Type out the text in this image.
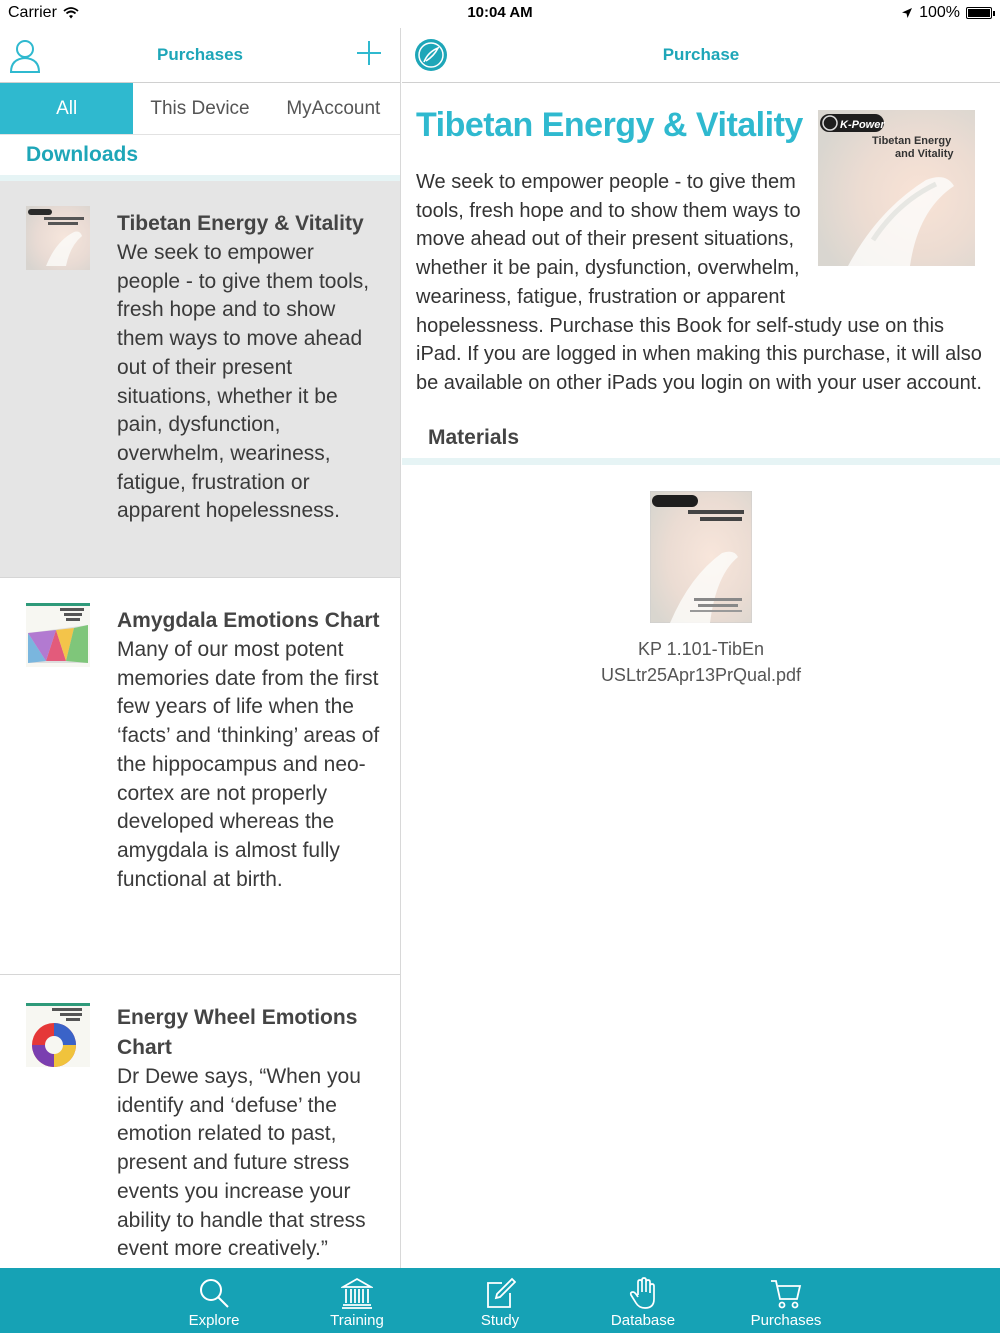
Carrier	10:04 AM	100%
Purchases
All	This Device	MyAccount
Downloads
Tibetan Energy & Vitality
We seek to empower people - to give them tools, fresh hope and to show them ways to move ahead out of their present situations, whether it be pain, dysfunction, overwhelm, weariness, fatigue, frustration or apparent hopelessness.
Amygdala Emotions Chart
Many of our most potent memories date from the first few years of life when the ‘facts’ and ‘thinking’ areas of the hippocampus and neo-cortex are not properly developed whereas the amygdala is almost fully functional at birth.
Energy Wheel Emotions Chart
Dr Dewe says, “When you identify and ‘defuse’ the emotion related to past, present and future stress events you increase your ability to handle that stress event more creatively.”
Purchase
Tibetan Energy & Vitality	K-Power
Tibetan Energy
and Vitality
We seek to empower people - to give them tools, fresh hope and to show them ways to move ahead out of their present situations, whether it be pain, dysfunction, overwhelm, weariness, fatigue, frustration or apparent hopelessness. Purchase this Book for self-study use on this iPad. If you are logged in when making this purchase, it will also be available on other iPads you login on with your user account.
Materials
KP 1.101-TibEn
USLtr25Apr13PrQual.pdf
Explore	Training	Study	Database	Purchases
